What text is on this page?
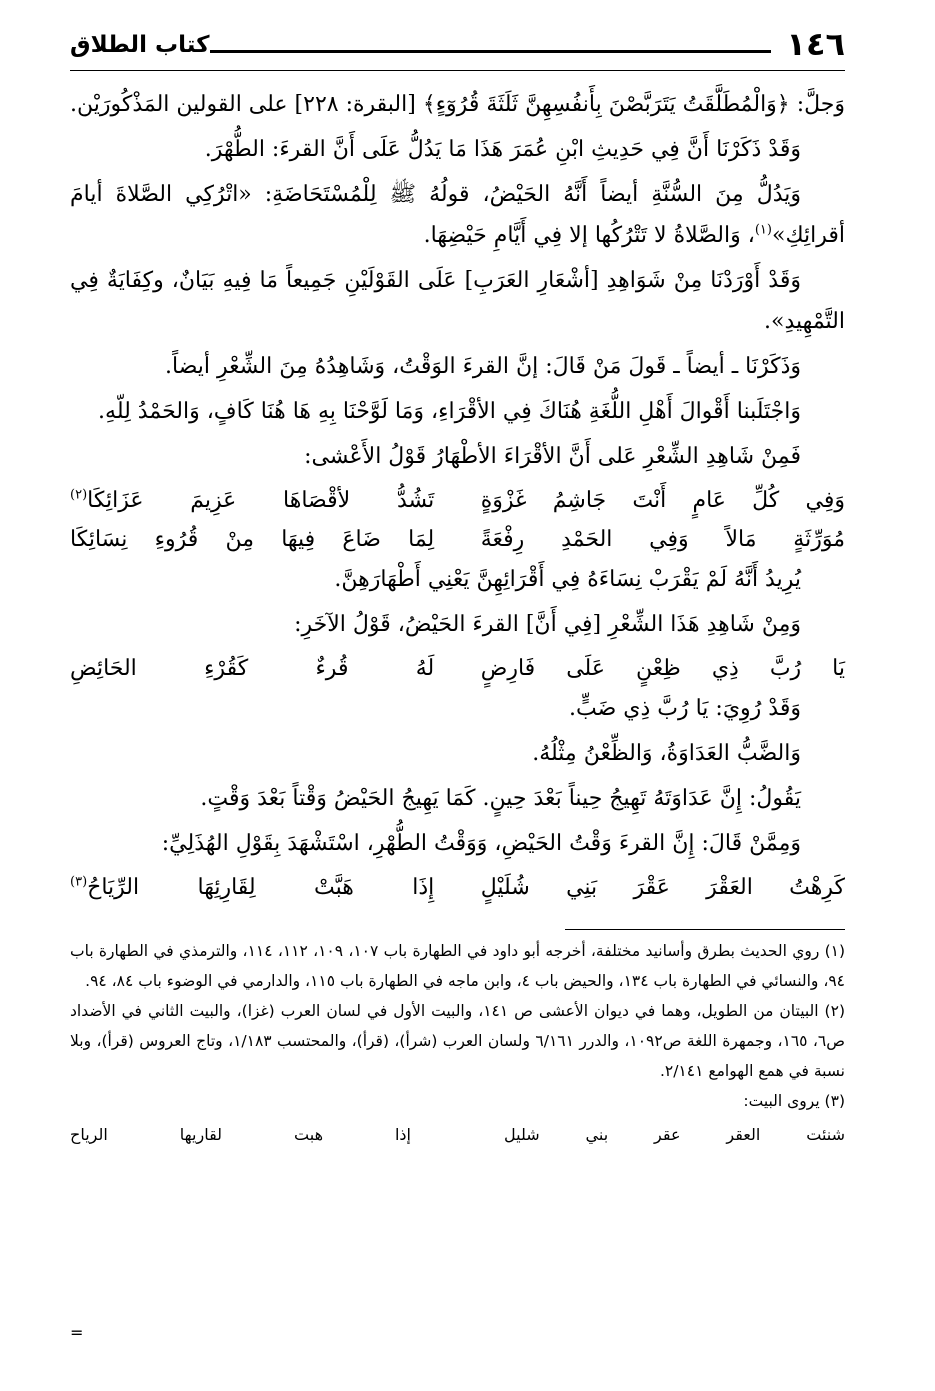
١٤٦
كتاب الطلاق

وَجلَّ: ﴿وَالْمُطَلَّقَتُ يَتَرَبَّصْنَ بِأَنفُسِهِنَّ ثَلَثَةَ قُرُوٓءٍ﴾ [البقرة: ٢٢٨] على القولين المَذْكُورَيْن.

وَقَدْ ذَكَرْنَا أَنَّ فِي حَدِيثِ ابْنِ عُمَرَ هَذَا مَا يَدُلُّ عَلَى أَنَّ القرءَ: الطُّهْرَ.

وَيَدُلُّ مِنَ السُّنَّةِ أيضاً أَنَّهُ الحَيْضُ، قولُهُ ﷺ لِلْمُسْتَحَاضَةِ: «اتْرُكِي الصَّلاةَ أيامَ أقرائِكِ»$^{(١)}$، وَالصَّلاةُ لا تَتْرُكُها إلا فِي أَيَّامِ حَيْضِهَا.

وَقَدْ أَوْرَدْنَا مِنْ شَوَاهِدِ [أشْعَارِ العَرَبِ] عَلَى القَوْلَيْنِ جَمِيعاً مَا فِيهِ بَيَانٌ، وكِفَايَةٌ فِي التَّمْهِيدِ».

وَذَكَرْنَا ـ أيضاً ـ قَولَ مَنْ قَالَ: إنَّ القرءَ الوَقْتُ، وَشَاهِدُهُ مِنَ الشِّعْرِ أيضاً.

وَاجْتَلَبنا أَقْوالَ أَهْلِ اللُّغَةِ هُنَاكَ فِي الأقْرَاءِ، وَمَا لَوَّحْنَا بِهِ هَا هُنَا كَافٍ، وَالحَمْدُ لِلّهِ.

فَمِنْ شَاهِدِ الشِّعْرِ عَلى أَنَّ الأقْرَاءَ الأطْهَارُ قَوْلُ الأَعْشى:

وَفِي كُلِّ عَامٍ أَنْتَ جَاشِمُ غَزْوَةٍ
تَشُدُّ لأقْصَاهَا عَزِيمَ عَزَائِكَا$^{(٢)}$
مُوَرِّثَةٍ مَالاً وَفِي الحَمْدِ رِفْعَةً
لِمَا ضَاعَ فِيهَا مِنْ قُرُوءِ نِسَائِكَا

يُرِيدُ أَنَّهُ لَمْ يَقْرَبْ نِسَاءَهُ فِي أَقْرَائِهِنَّ يَعْنِي أَطْهَارَهِنَّ.

وَمِنْ شَاهِدِ هَذَا الشِّعْرِ [فِي أَنَّ] القرءَ الحَيْضُ، قَوْلُ الآخَرِ:

يَا رُبَّ ذِي ظِعْنٍ عَلَى فَارِضٍ
لَهُ قُرءٌ كَقُرْءِ الحَائِضِ

وَقَدْ رُوِيَ: يَا رُبَّ ذِي ضَبٍّ.

وَالضَّبُّ العَدَاوَةُ، وَالظِّعْنُ مِثْلُهُ.

يَقُولُ: إِنَّ عَدَاوَتَهُ تَهِيجُ حِيناً بَعْدَ حِينٍ. كَمَا يَهِيجُ الحَيْضُ وَقْتاً بَعْدَ وَقْتٍ.

وَمِمَّنْ قَالَ: إِنَّ القرءَ وَقْتُ الحَيْضِ، وَوَقْتُ الطُّهْرِ، اسْتَشْهَدَ بِقَوْلِ الهُذَلِيِّ:

كَرِهْتُ العَقْرَ عَقْرَ بَنِي شُلَيْلٍ
إِذَا هَبَّتْ لِقَارِئِهَا الرِّيَاحُ$^{(٣)}$

(١) روي الحديث بطرق وأسانيد مختلفة، أخرجه أبو داود في الطهارة باب ١٠٧، ١٠٩، ١١٢، ١١٤، والترمذي في الطهارة باب ٩٤، والنسائي في الطهارة باب ١٣٤، والحيض باب ٤، وابن ماجه في الطهارة باب ١١٥، والدارمي في الوضوء باب ٨٤، ٩٤.

(٢) البيتان من الطويل، وهما في ديوان الأعشى ص ١٤١، والبيت الأول في لسان العرب (غزا)، والبيت الثاني في الأضداد ص٦، ١٦٥، وجمهرة اللغة ص١٠٩٢، والدرر ٦/١٦١ ولسان العرب (شرأ)، (قرأ)، والمحتسب ١/١٨٣، وتاج العروس (قرأ)، وبلا نسبة في همع الهوامع ٢/١٤١.

(٣) يروى البيت:

شنئت العقر عقر بني شليل
إذا هبت لقاريها الرياح
=
